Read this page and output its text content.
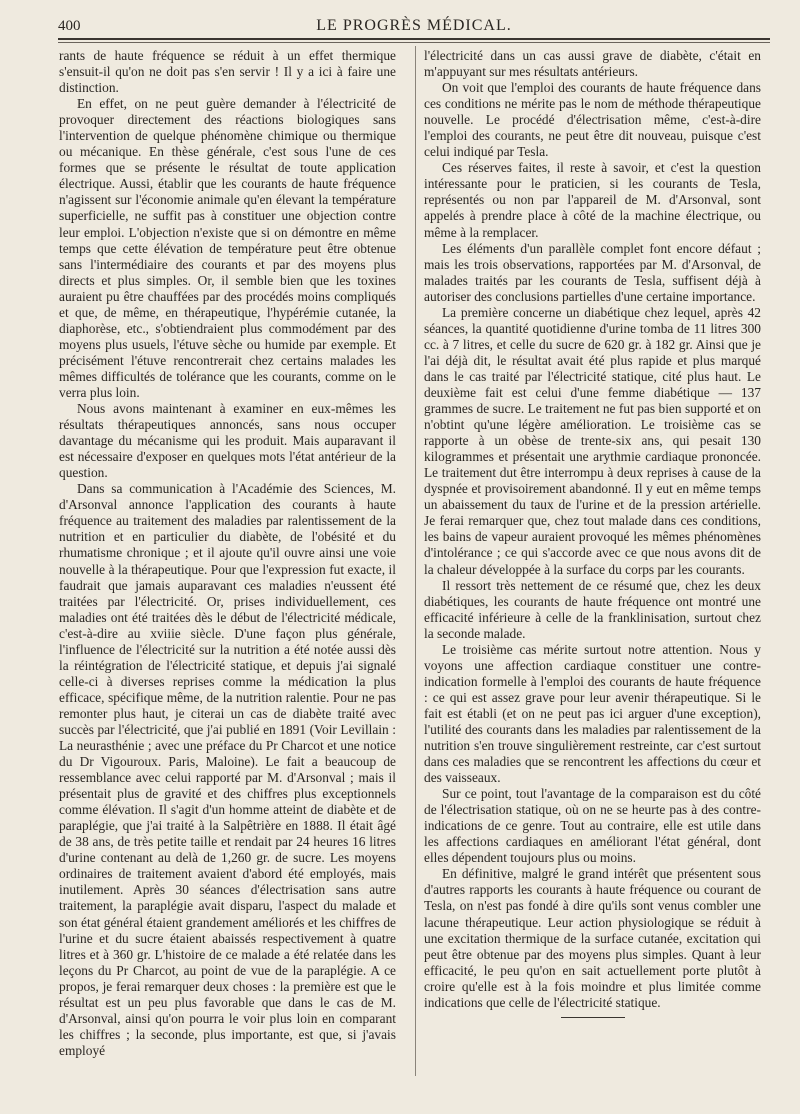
400	LE PROGRÈS MÉDICAL.

rants de haute fréquence se réduit à un effet thermique s'ensuit-il qu'on ne doit pas s'en servir ! Il y a ici à faire une distinction.

En effet, on ne peut guère demander à l'électricité de provoquer directement des réactions biologiques sans l'intervention de quelque phénomène chimique ou thermique ou mécanique. En thèse générale, c'est sous l'une de ces formes que se présente le résultat de toute application électrique. Aussi, établir que les courants de haute fréquence n'agissent sur l'économie animale qu'en élevant la température superficielle, ne suffit pas à constituer une objection contre leur emploi. L'objection n'existe que si on démontre en même temps que cette élévation de température peut être obtenue sans l'intermédiaire des courants et par des moyens plus directs et plus simples. Or, il semble bien que les toxines auraient pu être chauffées par des procédés moins compliqués et que, de même, en thérapeutique, l'hypérémie cutanée, la diaphorèse, etc., s'obtiendraient plus commodément par des moyens plus usuels, l'étuve sèche ou humide par exemple. Et précisément l'étuve rencontrerait chez certains malades les mêmes difficultés de tolérance que les courants, comme on le verra plus loin.

Nous avons maintenant à examiner en eux-mêmes les résultats thérapeutiques annoncés, sans nous occuper davantage du mécanisme qui les produit. Mais auparavant il est nécessaire d'exposer en quelques mots l'état antérieur de la question.

Dans sa communication à l'Académie des Sciences, M. d'Arsonval annonce l'application des courants à haute fréquence au traitement des maladies par ralentissement de la nutrition et en particulier du diabète, de l'obésité et du rhumatisme chronique ; et il ajoute qu'il ouvre ainsi une voie nouvelle à la thérapeutique. Pour que l'expression fut exacte, il faudrait que jamais auparavant ces maladies n'eussent été traitées par l'électricité. Or, prises individuellement, ces maladies ont été traitées dès le début de l'électricité médicale, c'est-à-dire au xviiie siècle. D'une façon plus générale, l'influence de l'électricité sur la nutrition a été notée aussi dès la réintégration de l'électricité statique, et depuis j'ai signalé celle-ci à diverses reprises comme la médication la plus efficace, spécifique même, de la nutrition ralentie. Pour ne pas remonter plus haut, je citerai un cas de diabète traité avec succès par l'électricité, que j'ai publié en 1891 (Voir Levillain : La neurasthénie ; avec une préface du Pr Charcot et une notice du Dr Vigouroux. Paris, Maloine). Le fait a beaucoup de ressemblance avec celui rapporté par M. d'Arsonval ; mais il présentait plus de gravité et des chiffres plus exceptionnels comme élévation. Il s'agit d'un homme atteint de diabète et de paraplégie, que j'ai traité à la Salpêtrière en 1888. Il était âgé de 38 ans, de très petite taille et rendait par 24 heures 16 litres d'urine contenant au delà de 1,260 gr. de sucre. Les moyens ordinaires de traitement avaient d'abord été employés, mais inutilement. Après 30 séances d'électrisation sans autre traitement, la paraplégie avait disparu, l'aspect du malade et son état général étaient grandement améliorés et les chiffres de l'urine et du sucre étaient abaissés respectivement à quatre litres et à 360 gr. L'histoire de ce malade a été relatée dans les leçons du Pr Charcot, au point de vue de la paraplégie. A ce propos, je ferai remarquer deux choses : la première est que le résultat est un peu plus favorable que dans le cas de M. d'Arsonval, ainsi qu'on pourra le voir plus loin en comparant les chiffres ; la seconde, plus importante, est que, si j'avais employé

l'électricité dans un cas aussi grave de diabète, c'était en m'appuyant sur mes résultats antérieurs.

On voit que l'emploi des courants de haute fréquence dans ces conditions ne mérite pas le nom de méthode thérapeutique nouvelle. Le procédé d'électrisation même, c'est-à-dire l'emploi des courants, ne peut être dit nouveau, puisque c'est celui indiqué par Tesla.

Ces réserves faites, il reste à savoir, et c'est la question intéressante pour le praticien, si les courants de Tesla, représentés ou non par l'appareil de M. d'Arsonval, sont appelés à prendre place à côté de la machine électrique, ou même à la remplacer.

Les éléments d'un parallèle complet font encore défaut ; mais les trois observations, rapportées par M. d'Arsonval, de malades traités par les courants de Tesla, suffisent déjà à autoriser des conclusions partielles d'une certaine importance.

La première concerne un diabétique chez lequel, après 42 séances, la quantité quotidienne d'urine tomba de 11 litres 300 cc. à 7 litres, et celle du sucre de 620 gr. à 182 gr. Ainsi que je l'ai déjà dit, le résultat avait été plus rapide et plus marqué dans le cas traité par l'électricité statique, cité plus haut. Le deuxième fait est celui d'une femme diabétique — 137 grammes de sucre. Le traitement ne fut pas bien supporté et on n'obtint qu'une légère amélioration. Le troisième cas se rapporte à un obèse de trente-six ans, qui pesait 130 kilogrammes et présentait une arythmie cardiaque prononcée. Le traitement dut être interrompu à deux reprises à cause de la dyspnée et provisoirement abandonné. Il y eut en même temps un abaissement du taux de l'urine et de la pression artérielle. Je ferai remarquer que, chez tout malade dans ces conditions, les bains de vapeur auraient provoqué les mêmes phénomènes d'intolérance ; ce qui s'accorde avec ce que nous avons dit de la chaleur développée à la surface du corps par les courants.

Il ressort très nettement de ce résumé que, chez les deux diabétiques, les courants de haute fréquence ont montré une efficacité inférieure à celle de la franklinisation, surtout chez la seconde malade.

Le troisième cas mérite surtout notre attention. Nous y voyons une affection cardiaque constituer une contre-indication formelle à l'emploi des courants de haute fréquence : ce qui est assez grave pour leur avenir thérapeutique. Si le fait est établi (et on ne peut pas ici arguer d'une exception), l'utilité des courants dans les maladies par ralentissement de la nutrition s'en trouve singulièrement restreinte, car c'est surtout dans ces maladies que se rencontrent les affections du cœur et des vaisseaux.

Sur ce point, tout l'avantage de la comparaison est du côté de l'électrisation statique, où on ne se heurte pas à des contre-indications de ce genre. Tout au contraire, elle est utile dans les affections cardiaques en améliorant l'état général, dont elles dépendent toujours plus ou moins.

En définitive, malgré le grand intérêt que présentent sous d'autres rapports les courants à haute fréquence ou courant de Tesla, on n'est pas fondé à dire qu'ils sont venus combler une lacune thérapeutique. Leur action physiologique se réduit à une excitation thermique de la surface cutanée, excitation qui peut être obtenue par des moyens plus simples. Quant à leur efficacité, le peu qu'on en sait actuellement porte plutôt à croire qu'elle est à la fois moindre et plus limitée comme indications que celle de l'électricité statique.
